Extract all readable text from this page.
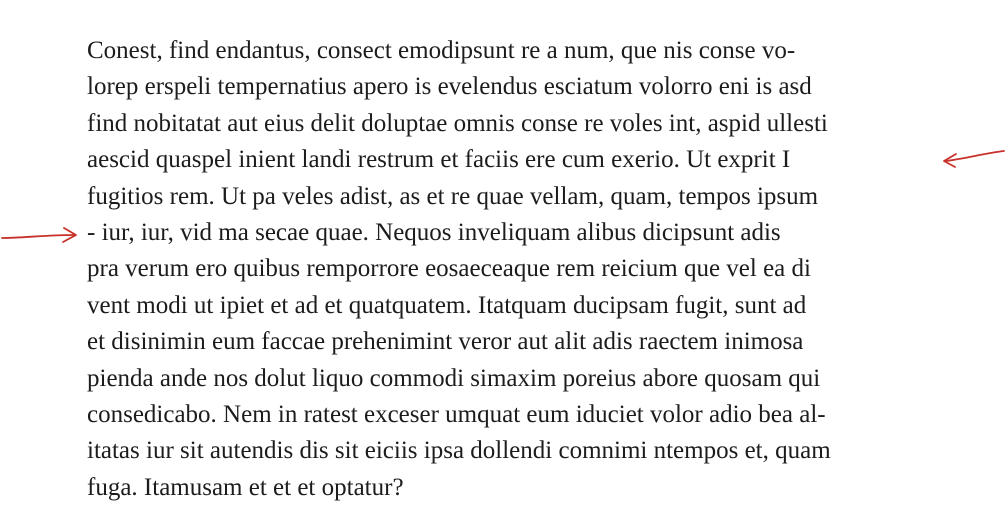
Conest, find endantus, consect emodipsunt re a num, que nis conse vo-
lorep erspeli tempernatius apero is evelendus esciatum volorro eni is asd
find nobitatat aut eius delit doluptae omnis conse re voles int, aspid ullesti
aescid quaspel inient landi restrum et faciis ere cum exerio. Ut exprit I
fugitios rem. Ut pa veles adist, as et re quae vellam, quam, tempos ipsum
- iur, iur, vid ma secae quae. Nequos inveliquam alibus dicipsunt adis
pra verum ero quibus remporrore eosaeceaque rem reicium que vel ea di
vent modi ut ipiet et ad et quatquatem. Itatquam ducipsam fugit, sunt ad
et disinimin eum faccae prehenimint veror aut alit adis raectem inimosa
pienda ande nos dolut liquo commodi simaxim poreius abore quosam qui
consedicabo. Nem in ratest exceser umquat eum iduciet volor adio bea al-
itatas iur sit autendis dis sit eiciis ipsa dollendi comnimi ntempos et, quam
fuga. Itamusam et et et optatur?
